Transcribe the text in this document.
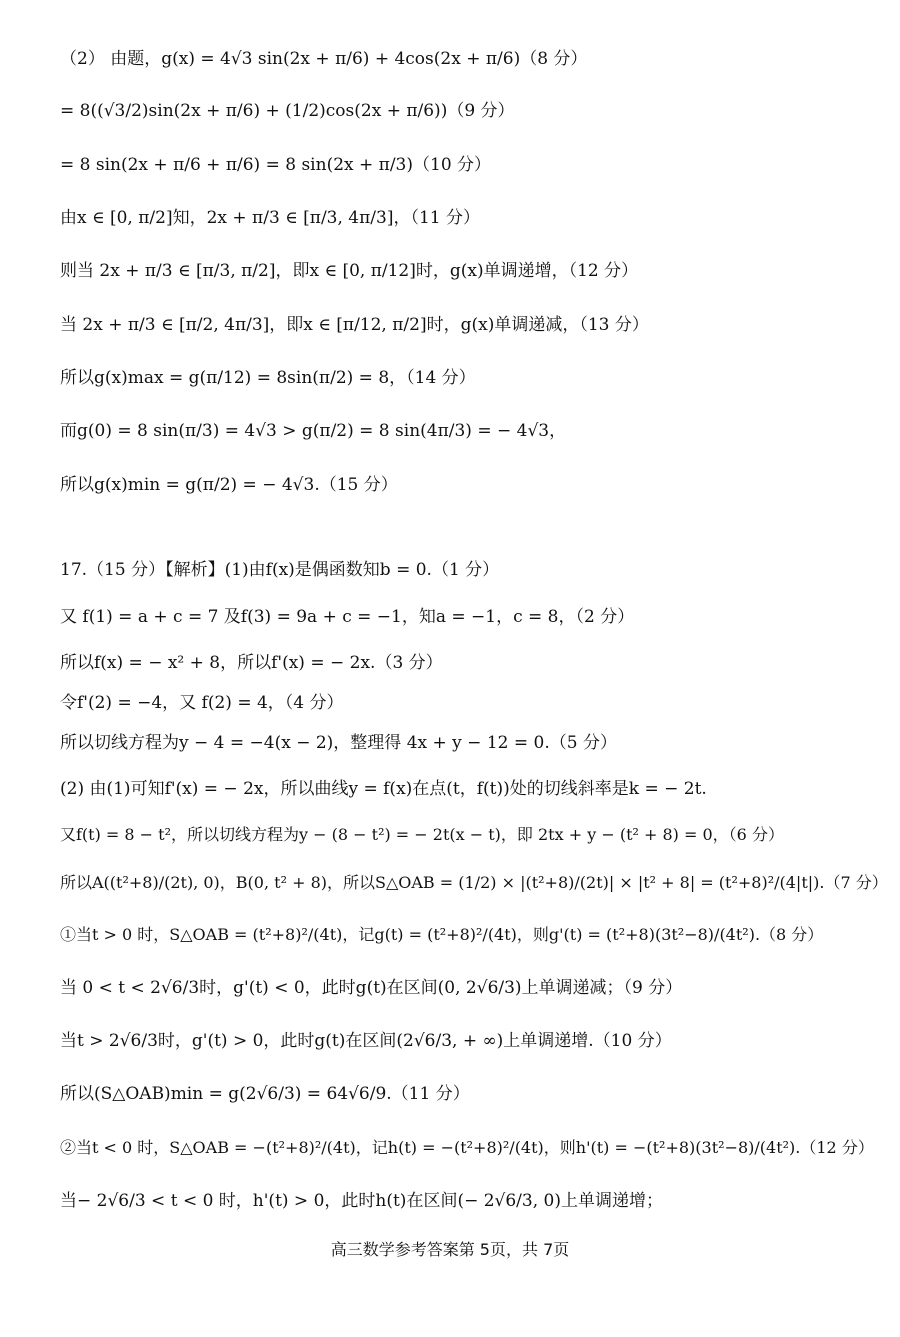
（2） 由题，g(x) = 4√3 sin(2x + π/6) + 4cos(2x + π/6)（8 分）
= 8((√3/2)sin(2x + π/6) + (1/2)cos(2x + π/6))（9 分）
= 8 sin(2x + π/6 + π/6) = 8 sin(2x + π/3)（10 分）
由x ∈ [0, π/2]知，2x + π/3 ∈ [π/3, 4π/3]，（11 分）
则当 2x + π/3 ∈ [π/3, π/2]，即x ∈ [0, π/12]时，g(x)单调递增，（12 分）
当 2x + π/3 ∈ [π/2, 4π/3]，即x ∈ [π/12, π/2]时，g(x)单调递减，（13 分）
所以g(x)max = g(π/12) = 8sin(π/2) = 8，（14 分）
而g(0) = 8 sin(π/3) = 4√3 > g(π/2) = 8 sin(4π/3) = − 4√3，
所以g(x)min = g(π/2) = − 4√3.（15 分）
17.（15 分）【解析】(1)由f(x)是偶函数知b = 0.（1 分）
又 f(1) = a + c = 7 及f(3) = 9a + c = −1，知a = −1，c = 8，（2 分）
所以f(x) = − x² + 8，所以f'(x) = − 2x.（3 分）
令f'(2) = −4，又 f(2) = 4，（4 分）
所以切线方程为y − 4 = −4(x − 2)，整理得 4x + y − 12 = 0.（5 分）
(2) 由(1)可知f'(x) = − 2x，所以曲线y = f(x)在点(t，f(t))处的切线斜率是k = − 2t.
又f(t) = 8 − t²，所以切线方程为y − (8 − t²) = − 2t(x − t)，即 2tx + y − (t² + 8) = 0，（6 分）
所以A((t²+8)/(2t), 0)，B(0, t² + 8)，所以S△OAB = (1/2) × |(t²+8)/(2t)| × |t² + 8| = (t²+8)²/(4|t|).（7 分）
①当t > 0 时，S△OAB = (t²+8)²/(4t)，记g(t) = (t²+8)²/(4t)，则g'(t) = (t²+8)(3t²−8)/(4t²).（8 分）
当 0 < t < 2√6/3时，g'(t) < 0，此时g(t)在区间(0, 2√6/3)上单调递减；（9 分）
当t > 2√6/3时，g'(t) > 0，此时g(t)在区间(2√6/3, + ∞)上单调递增.（10 分）
所以(S△OAB)min = g(2√6/3) = 64√6/9.（11 分）
②当t < 0 时，S△OAB = −(t²+8)²/(4t)，记h(t) = −(t²+8)²/(4t)，则h'(t) = −(t²+8)(3t²−8)/(4t²).（12 分）
当− 2√6/3 < t < 0 时，h'(t) > 0，此时h(t)在区间(− 2√6/3, 0)上单调递增；
高三数学参考答案第 5页，共 7页
